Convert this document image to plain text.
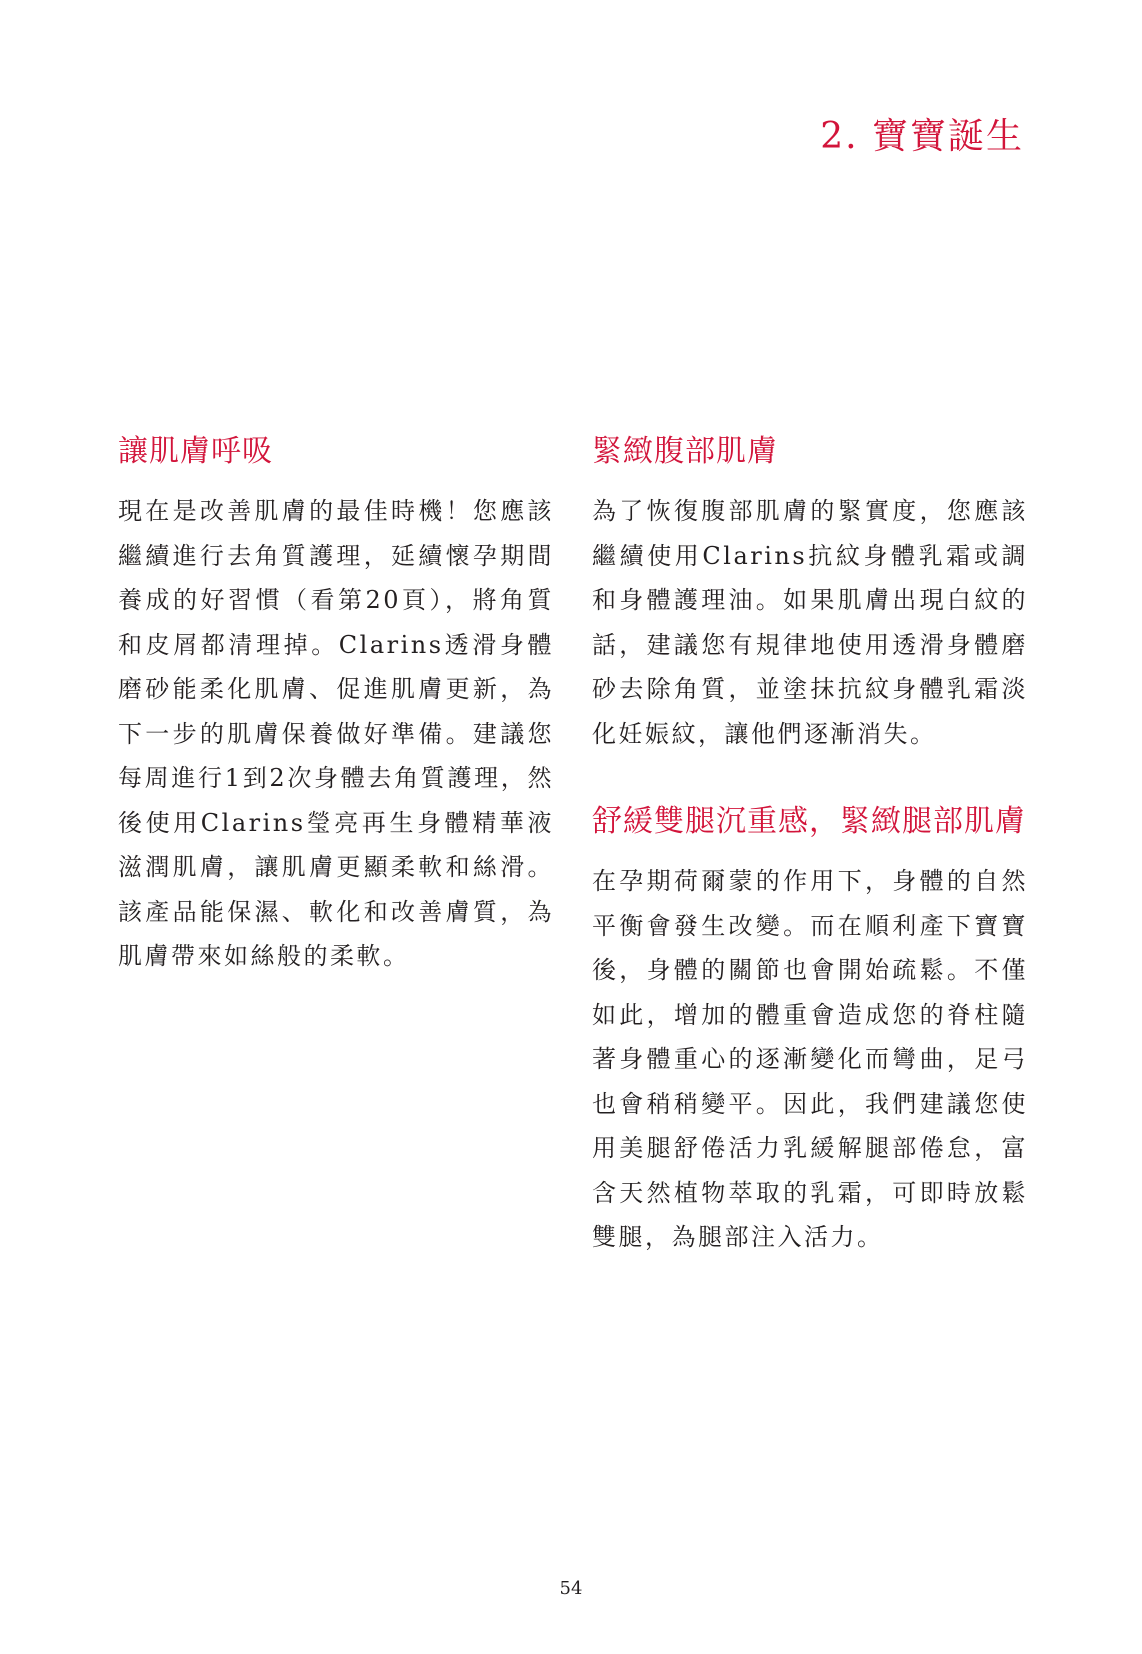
2. 寶寶誕生
讓肌膚呼吸

現在是改善肌膚的最佳時機！您應該繼續進行去角質護理，延續懷孕期間養成的好習慣（看第20頁），將角質和皮屑都清理掉。Clarins透滑身體磨砂能柔化肌膚、促進肌膚更新，為下一步的肌膚保養做好準備。建議您每周進行1到2次身體去角質護理，然後使用Clarins瑩亮再生身體精華液滋潤肌膚，讓肌膚更顯柔軟和絲滑。該產品能保濕、軟化和改善膚質，為肌膚帶來如絲般的柔軟。

緊緻腹部肌膚

為了恢復腹部肌膚的緊實度，您應該繼續使用Clarins抗紋身體乳霜或調和身體護理油。如果肌膚出現白紋的話，建議您有規律地使用透滑身體磨砂去除角質，並塗抹抗紋身體乳霜淡化妊娠紋，讓他們逐漸消失。

舒緩雙腿沉重感，緊緻腿部肌膚

在孕期荷爾蒙的作用下，身體的自然平衡會發生改變。而在順利產下寶寶後，身體的關節也會開始疏鬆。不僅如此，增加的體重會造成您的脊柱隨著身體重心的逐漸變化而彎曲，足弓也會稍稍變平。因此，我們建議您使用美腿舒倦活力乳緩解腿部倦怠，富含天然植物萃取的乳霜，可即時放鬆雙腿，為腿部注入活力。

54
